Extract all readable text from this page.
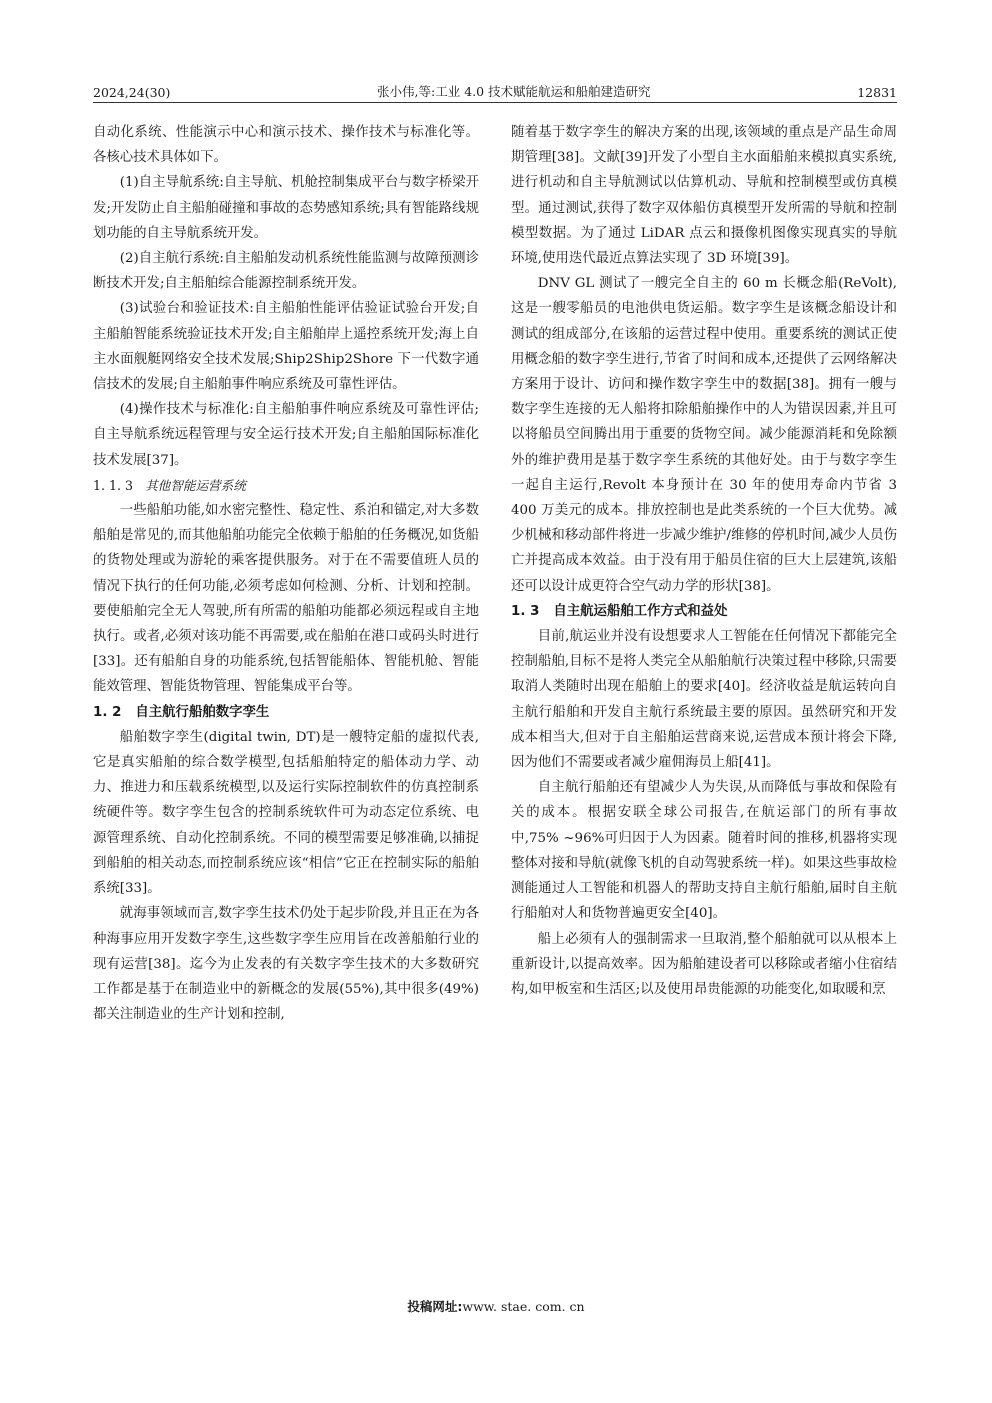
2024,24(30)	张小伟,等:工业 4.0 技术赋能航运和船舶建造研究	12831

自动化系统、性能演示中心和演示技术、操作技术与标准化等。各核心技术具体如下。

(1)自主导航系统:自主导航、机舱控制集成平台与数字桥梁开发;开发防止自主船舶碰撞和事故的态势感知系统;具有智能路线规划功能的自主导航系统开发。

(2)自主航行系统:自主船舶发动机系统性能监测与故障预测诊断技术开发;自主船舶综合能源控制系统开发。

(3)试验台和验证技术:自主船舶性能评估验证试验台开发;自主船舶智能系统验证技术开发;自主船舶岸上遥控系统开发;海上自主水面舰艇网络安全技术发展;Ship2Ship2Shore 下一代数字通信技术的发展;自主船舶事件响应系统及可靠性评估。

(4)操作技术与标准化:自主船舶事件响应系统及可靠性评估;自主导航系统远程管理与安全运行技术开发;自主船舶国际标准化技术发展[37]。

1. 1. 3 其他智能运营系统

一些船舶功能,如水密完整性、稳定性、系泊和锚定,对大多数船舶是常见的,而其他船舶功能完全依赖于船舶的任务概况,如货船的货物处理或为游轮的乘客提供服务。对于在不需要值班人员的情况下执行的任何功能,必须考虑如何检测、分析、计划和控制。要使船舶完全无人驾驶,所有所需的船舶功能都必须远程或自主地执行。或者,必须对该功能不再需要,或在船舶在港口或码头时进行[33]。还有船舶自身的功能系统,包括智能船体、智能机舱、智能能效管理、智能货物管理、智能集成平台等。

1. 2 自主航行船舶数字孪生

船舶数字孪生(digital twin, DT)是一艘特定船的虚拟代表,它是真实船舶的综合数学模型,包括船舶特定的船体动力学、动力、推进力和压载系统模型,以及运行实际控制软件的仿真控制系统硬件等。数字孪生包含的控制系统软件可为动态定位系统、电源管理系统、自动化控制系统。不同的模型需要足够准确,以捕捉到船舶的相关动态,而控制系统应该“相信”它正在控制实际的船舶系统[33]。

就海事领域而言,数字孪生技术仍处于起步阶段,并且正在为各种海事应用开发数字孪生,这些数字孪生应用旨在改善船舶行业的现有运营[38]。迄今为止发表的有关数字孪生技术的大多数研究工作都是基于在制造业中的新概念的发展(55%),其中很多(49%)都关注制造业的生产计划和控制,

随着基于数字孪生的解决方案的出现,该领域的重点是产品生命周期管理[38]。文献[39]开发了小型自主水面船舶来模拟真实系统,进行机动和自主导航测试以估算机动、导航和控制模型或仿真模型。通过测试,获得了数字双体船仿真模型开发所需的导航和控制模型数据。为了通过 LiDAR 点云和摄像机图像实现真实的导航环境,使用迭代最近点算法实现了 3D 环境[39]。

DNV GL 测试了一艘完全自主的 60 m 长概念船(ReVolt),这是一艘零船员的电池供电货运船。数字孪生是该概念船设计和测试的组成部分,在该船的运营过程中使用。重要系统的测试正使用概念船的数字孪生进行,节省了时间和成本,还提供了云网络解决方案用于设计、访问和操作数字孪生中的数据[38]。拥有一艘与数字孪生连接的无人船将扣除船舶操作中的人为错误因素,并且可以将船员空间腾出用于重要的货物空间。减少能源消耗和免除额外的维护费用是基于数字孪生系统的其他好处。由于与数字孪生一起自主运行,Revolt 本身预计在 30 年的使用寿命内节省 3 400 万美元的成本。排放控制也是此类系统的一个巨大优势。减少机械和移动部件将进一步减少维护/维修的停机时间,减少人员伤亡并提高成本效益。由于没有用于船员住宿的巨大上层建筑,该船还可以设计成更符合空气动力学的形状[38]。

1. 3 自主航运船舶工作方式和益处

目前,航运业并没有设想要求人工智能在任何情况下都能完全控制船舶,目标不是将人类完全从船舶航行决策过程中移除,只需要取消人类随时出现在船舶上的要求[40]。经济收益是航运转向自主航行船舶和开发自主航行系统最主要的原因。虽然研究和开发成本相当大,但对于自主船舶运营商来说,运营成本预计将会下降,因为他们不需要或者减少雇佣海员上船[41]。

自主航行船舶还有望减少人为失误,从而降低与事故和保险有关的成本。根据安联全球公司报告,在航运部门的所有事故中,75% ~96%可归因于人为因素。随着时间的推移,机器将实现整体对接和导航(就像飞机的自动驾驶系统一样)。如果这些事故检测能通过人工智能和机器人的帮助支持自主航行船舶,届时自主航行船舶对人和货物普遍更安全[40]。

船上必须有人的强制需求一旦取消,整个船舶就可以从根本上重新设计,以提高效率。因为船舶建设者可以移除或者缩小住宿结构,如甲板室和生活区;以及使用昂贵能源的功能变化,如取暖和烹

投稿网址:www. stae. com. cn
